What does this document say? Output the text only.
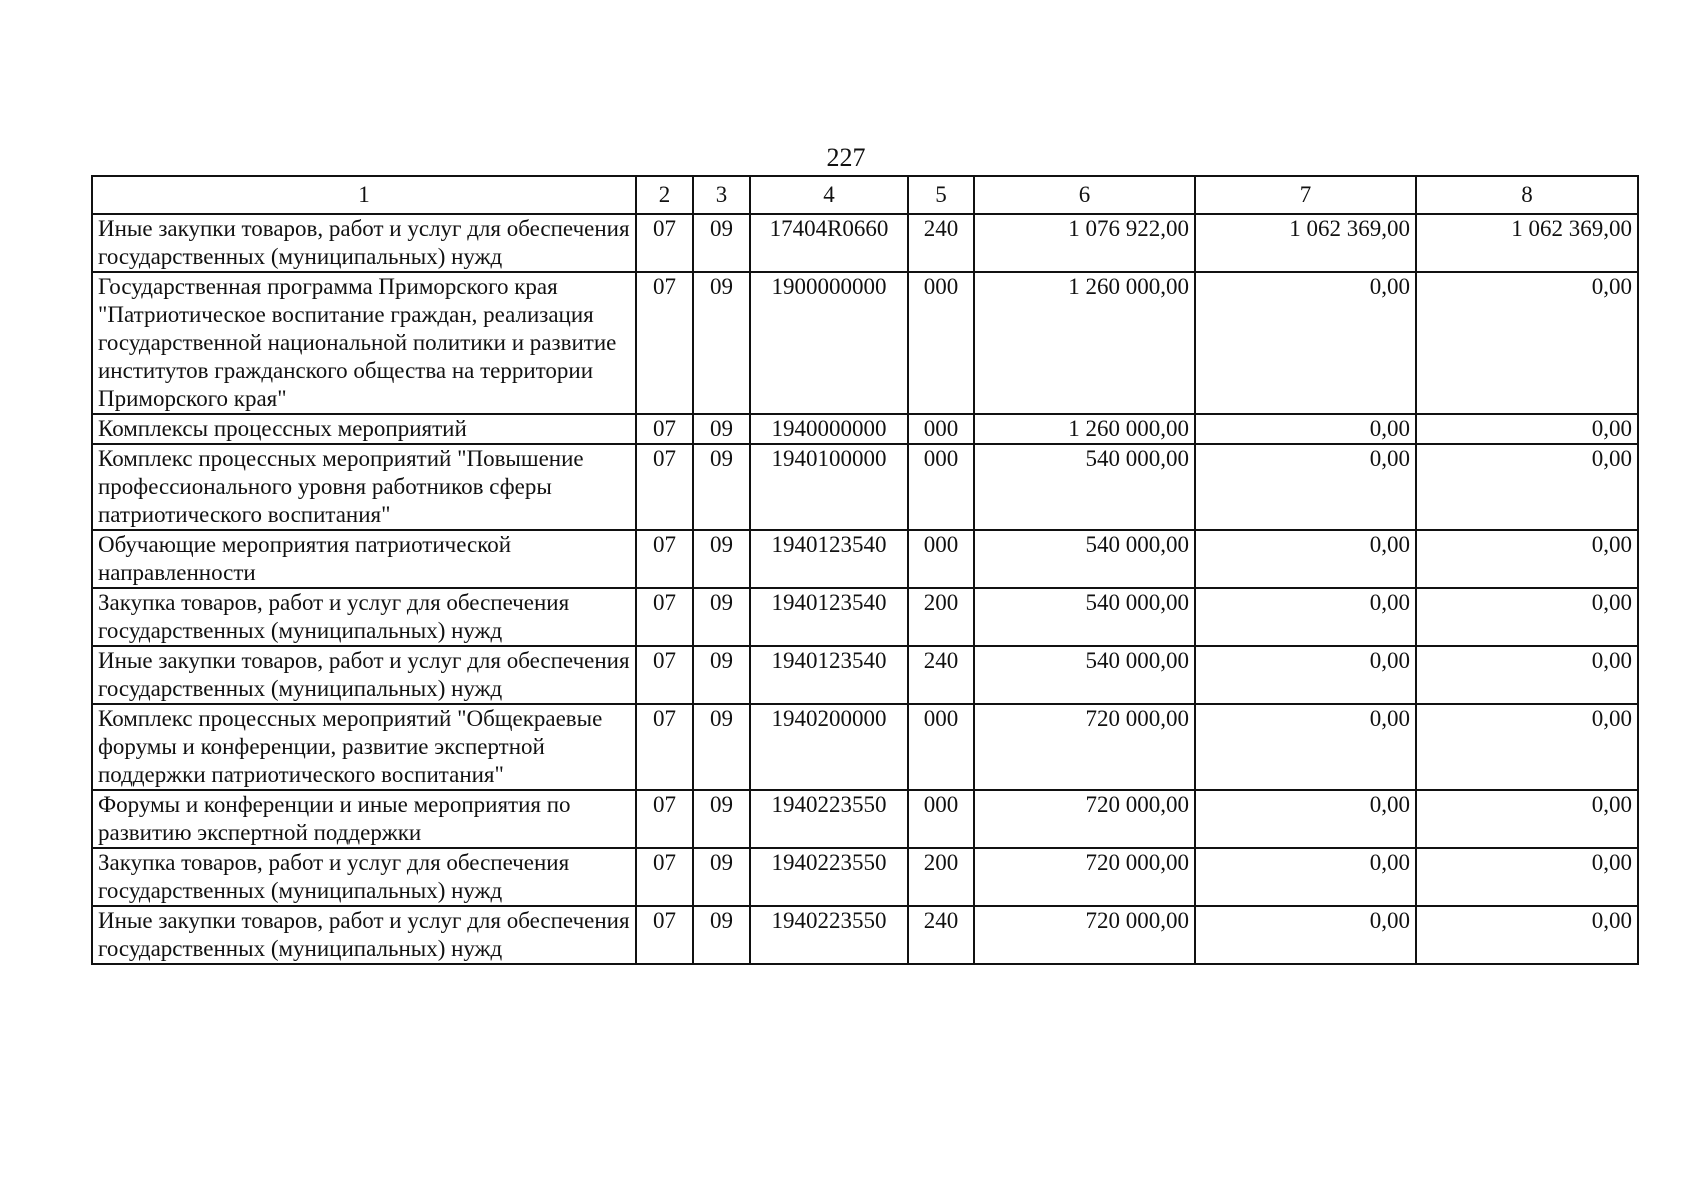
227
1	2	3	4	5	6	7	8
Иные закупки товаров, работ и услуг для обеспечения государственных (муниципальных) нужд	07	09	17404R0660	240	1 076 922,00	1 062 369,00	1 062 369,00
Государственная программа Приморского края "Патриотическое воспитание граждан, реализация государственной национальной политики и развитие институтов гражданского общества на территории Приморского края"	07	09	1900000000	000	1 260 000,00	0,00	0,00
Комплексы процессных мероприятий	07	09	1940000000	000	1 260 000,00	0,00	0,00
Комплекс процессных мероприятий "Повышение профессионального уровня работников сферы патриотического воспитания"	07	09	1940100000	000	540 000,00	0,00	0,00
Обучающие мероприятия патриотической направленности	07	09	1940123540	000	540 000,00	0,00	0,00
Закупка товаров, работ и услуг для обеспечения государственных (муниципальных) нужд	07	09	1940123540	200	540 000,00	0,00	0,00
Иные закупки товаров, работ и услуг для обеспечения государственных (муниципальных) нужд	07	09	1940123540	240	540 000,00	0,00	0,00
Комплекс процессных мероприятий "Общекраевые форумы и конференции, развитие экспертной поддержки патриотического воспитания"	07	09	1940200000	000	720 000,00	0,00	0,00
Форумы и конференции и иные мероприятия по развитию экспертной поддержки	07	09	1940223550	000	720 000,00	0,00	0,00
Закупка товаров, работ и услуг для обеспечения государственных (муниципальных) нужд	07	09	1940223550	200	720 000,00	0,00	0,00
Иные закупки товаров, работ и услуг для обеспечения государственных (муниципальных) нужд	07	09	1940223550	240	720 000,00	0,00	0,00
